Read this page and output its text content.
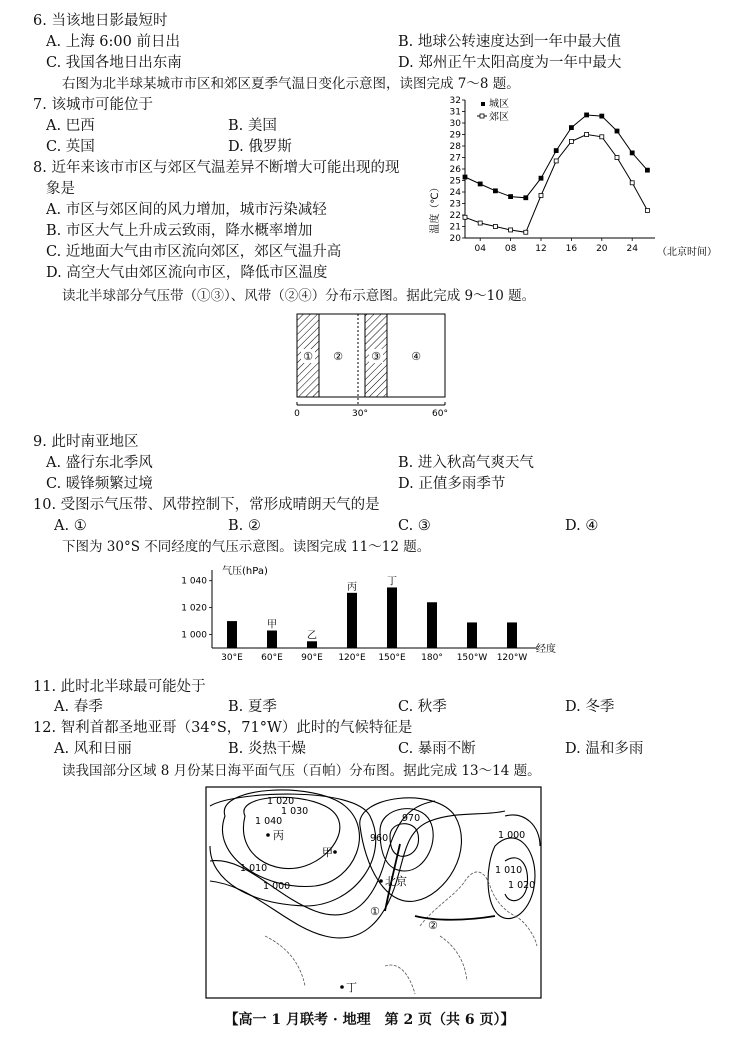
6. 当该地日影最短时
A. 上海 6:00 前日出	B. 地球公转速度达到一年中最大值
C. 我国各地日出东南	D. 郑州正午太阳高度为一年中最大
右图为北半球某城市市区和郊区夏季气温日变化示意图，读图完成 7～8 题。
7. 该城市可能位于
A. 巴西	B. 美国
C. 英国	D. 俄罗斯
8. 近年来该市市区与郊区气温差异不断增大可能出现的现
象是
A. 市区与郊区间的风力增加，城市污染减轻
B. 市区大气上升成云致雨，降水概率增加
C. 近地面大气由市区流向郊区，郊区气温升高
D. 高空大气由郊区流向市区，降低市区温度
32
31
30
29
28
27
26
25
24
23
22
21
20
04 08 12 16 20 24
温度（℃）
（北京时间）
城区
郊区
读北半球部分气压带（①③）、风带（②④）分布示意图。据此完成 9～10 题。
① ②	③	④
0	30°	60°
9. 此时南亚地区
A. 盛行东北季风	B. 进入秋高气爽天气
C. 暖锋频繁过境	D. 正值多雨季节
10. 受图示气压带、风带控制下，常形成晴朗天气的是
A. ①	B. ②	C. ③	D. ④
下图为 30°S 不同经度的气压示意图。读图完成 11～12 题。
1 000
1 020
1 040
30°E 60°E 90°E 120°E 150°E 180° 150°W 120°W
甲
乙
丙	丁
气压(hPa)
经度
11. 此时北半球最可能处于
A. 春季	B. 夏季	C. 秋季	D. 冬季
12. 智利首都圣地亚哥（34°S，71°W）此时的气候特征是
A. 风和日丽	B. 炎热干燥	C. 暴雨不断	D. 温和多雨
读我国部分区域 8 月份某日海平面气压（百帕）分布图。据此完成 13～14 题。
1 020
1 030
1 040
1 010
1 000
970
960	1 000
1 010
1 020
丙
甲
北京
①
②
丁
【高一 1 月联考 · 地理　第 2 页（共 6 页）】
